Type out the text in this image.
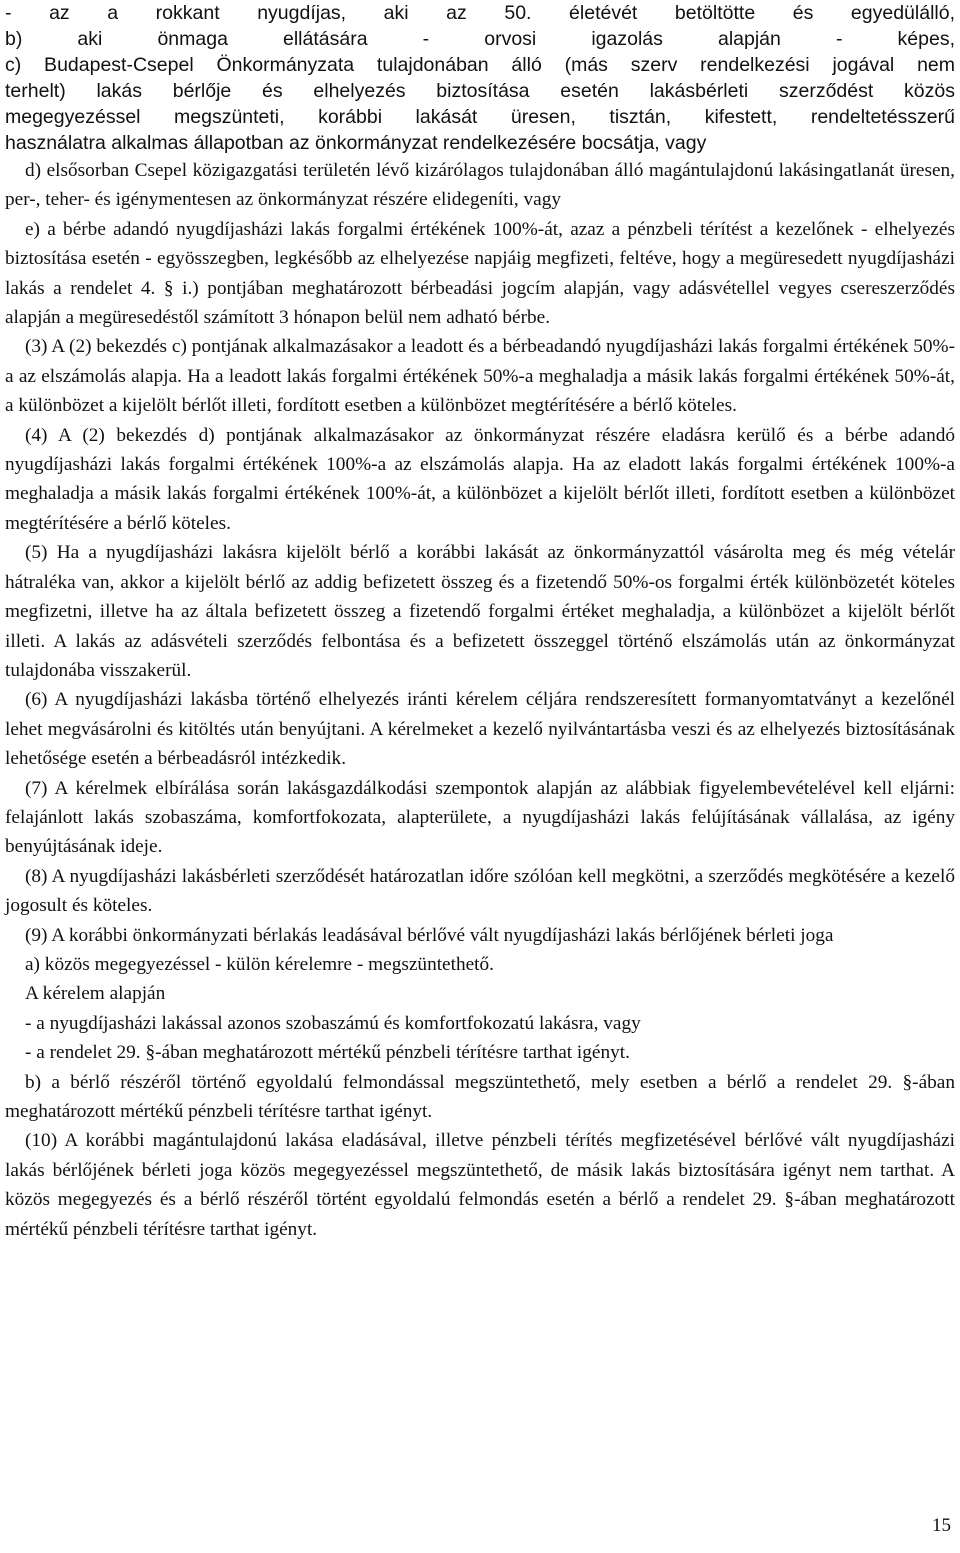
- az a rokkant nyugdíjas, aki az 50. életévét betöltötte és egyedülálló,
b) aki önmaga ellátására - orvosi igazolás alapján - képes,
c) Budapest-Csepel Önkormányzata tulajdonában álló (más szerv rendelkezési jogával nem
terhelt) lakás bérlője és elhelyezés biztosítása esetén lakásbérleti szerződést közös
megegyezéssel megszünteti, korábbi lakását üresen, tisztán, kifestett, rendeltetésszerű
használatra alkalmas állapotban az önkormányzat rendelkezésére bocsátja, vagy

d) elsősorban Csepel közigazgatási területén lévő kizárólagos tulajdonában álló magántulajdonú lakásingatlanát üresen, per-, teher- és igénymentesen az önkormányzat részére elidegeníti, vagy

e) a bérbe adandó nyugdíjasházi lakás forgalmi értékének 100%-át, azaz a pénzbeli térítést a kezelőnek - elhelyezés biztosítása esetén - egyösszegben, legkésőbb az elhelyezése napjáig megfizeti, feltéve, hogy a megüresedett nyugdíjasházi lakás a rendelet 4. § i.) pontjában meghatározott bérbeadási jogcím alapján, vagy adásvétellel vegyes csereszerződés alapján a megüresedéstől számított 3 hónapon belül nem adható bérbe.

(3) A (2) bekezdés c) pontjának alkalmazásakor a leadott és a bérbeadandó nyugdíjasházi lakás forgalmi értékének 50%-a az elszámolás alapja. Ha a leadott lakás forgalmi értékének 50%-a meghaladja a másik lakás forgalmi értékének 50%-át, a különbözet a kijelölt bérlőt illeti, fordított esetben a különbözet megtérítésére a bérlő köteles.

(4) A (2) bekezdés d) pontjának alkalmazásakor az önkormányzat részére eladásra kerülő és a bérbe adandó nyugdíjasházi lakás forgalmi értékének 100%-a az elszámolás alapja. Ha az eladott lakás forgalmi értékének 100%-a meghaladja a másik lakás forgalmi értékének 100%-át, a különbözet a kijelölt bérlőt illeti, fordított esetben a különbözet megtérítésére a bérlő köteles.

(5) Ha a nyugdíjasházi lakásra kijelölt bérlő a korábbi lakását az önkormányzattól vásárolta meg és még vételár hátraléka van, akkor a kijelölt bérlő az addig befizetett összeg és a fizetendő 50%-os forgalmi érték különbözetét köteles megfizetni, illetve ha az általa befizetett összeg a fizetendő forgalmi értéket meghaladja, a különbözet a kijelölt bérlőt illeti. A lakás az adásvételi szerződés felbontása és a befizetett összeggel történő elszámolás után az önkormányzat tulajdonába visszakerül.

(6) A nyugdíjasházi lakásba történő elhelyezés iránti kérelem céljára rendszeresített formanyomtatványt a kezelőnél lehet megvásárolni és kitöltés után benyújtani. A kérelmeket a kezelő nyilvántartásba veszi és az elhelyezés biztosításának lehetősége esetén a bérbeadásról intézkedik.

(7) A kérelmek elbírálása során lakásgazdálkodási szempontok alapján az alábbiak figyelembevételével kell eljárni: felajánlott lakás szobaszáma, komfortfokozata, alapterülete, a nyugdíjasházi lakás felújításának vállalása, az igény benyújtásának ideje.

(8) A nyugdíjasházi lakásbérleti szerződését határozatlan időre szólóan kell megkötni, a szerződés megkötésére a kezelő jogosult és köteles.

(9) A korábbi önkormányzati bérlakás leadásával bérlővé vált nyugdíjasházi lakás bérlőjének bérleti joga

a) közös megegyezéssel - külön kérelemre - megszüntethető.

A kérelem alapján

- a nyugdíjasházi lakással azonos szobaszámú és komfortfokozatú lakásra, vagy

- a rendelet 29. §-ában meghatározott mértékű pénzbeli térítésre tarthat igényt.

b) a bérlő részéről történő egyoldalú felmondással megszüntethető, mely esetben a bérlő a rendelet 29. §-ában meghatározott mértékű pénzbeli térítésre tarthat igényt.

(10) A korábbi magántulajdonú lakása eladásával, illetve pénzbeli térítés megfizetésével bérlővé vált nyugdíjasházi lakás bérlőjének bérleti joga közös megegyezéssel megszüntethető, de másik lakás biztosítására igényt nem tarthat. A közös megegyezés és a bérlő részéről történt egyoldalú felmondás esetén a bérlő a rendelet 29. §-ában meghatározott mértékű pénzbeli térítésre tarthat igényt.

15
